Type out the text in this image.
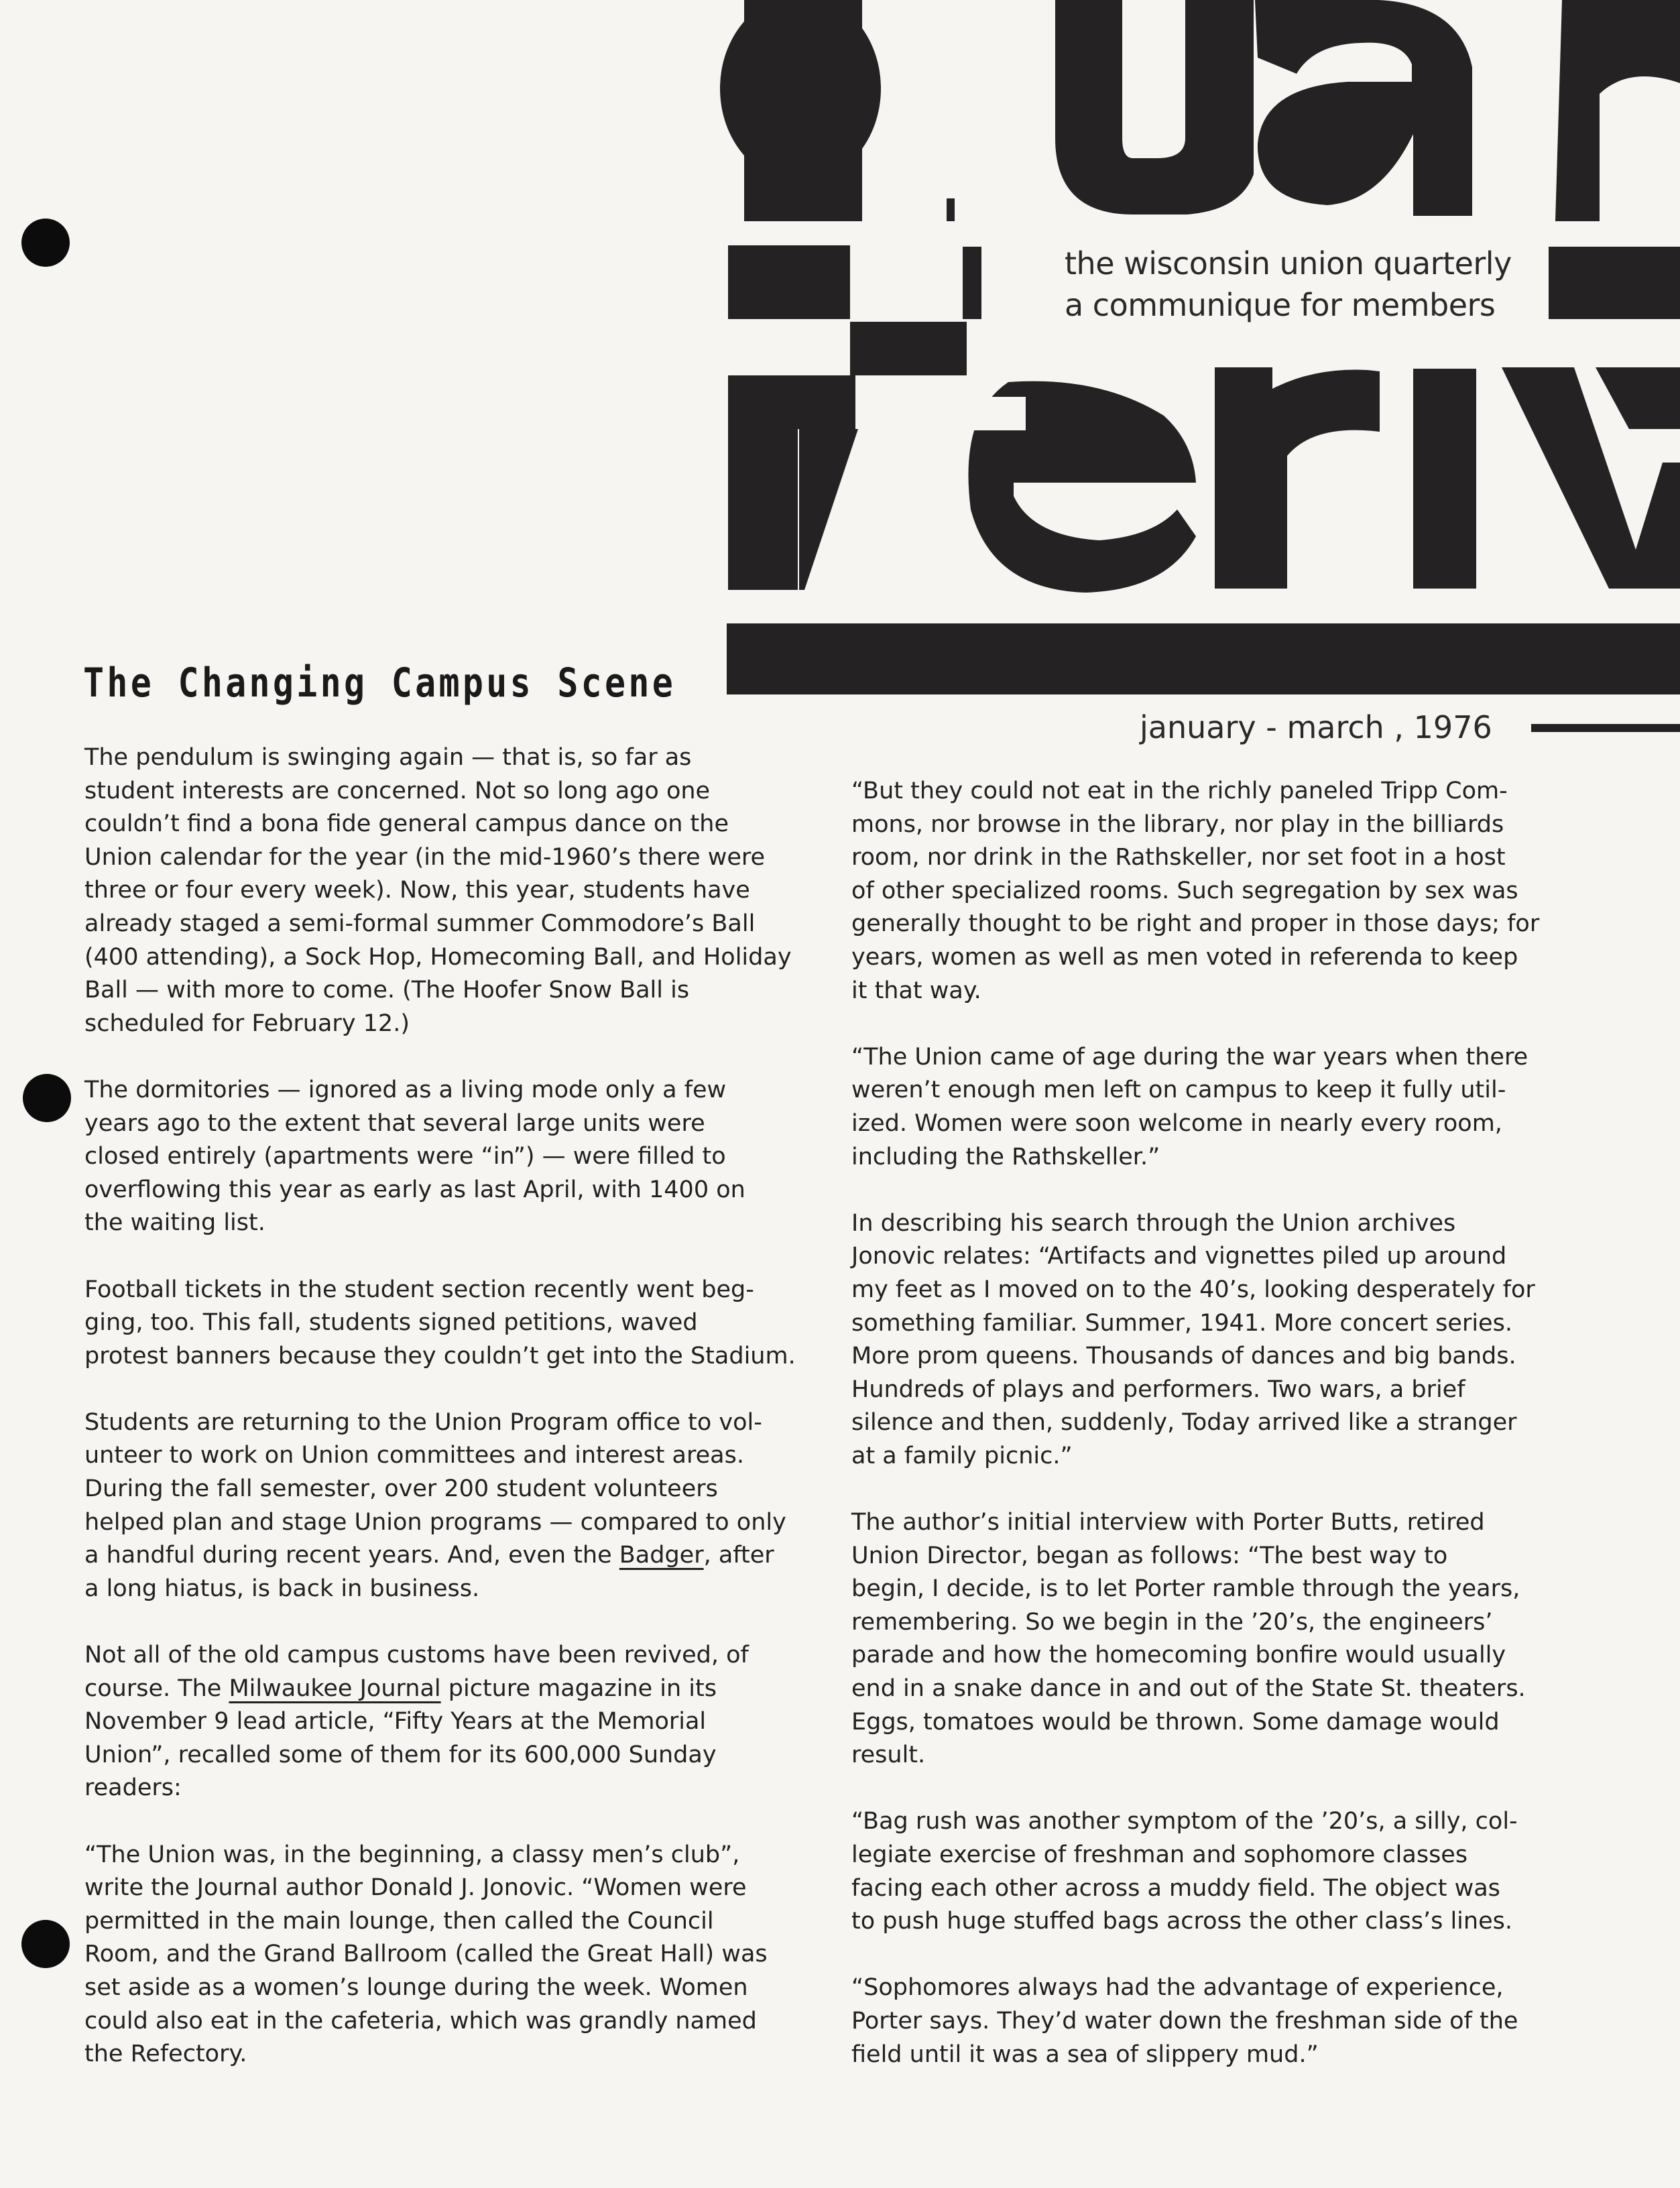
the wisconsin union quarterly
a communique for members
january - march , 1976
The Changing Campus Scene

The pendulum is swinging again — that is, so far as
student interests are concerned. Not so long ago one
couldn’t find a bona fide general campus dance on the
Union calendar for the year (in the mid-1960’s there were
three or four every week). Now, this year, students have
already staged a semi-formal summer Commodore’s Ball
(400 attending), a Sock Hop, Homecoming Ball, and Holiday
Ball — with more to come. (The Hoofer Snow Ball is
scheduled for February 12.)

The dormitories — ignored as a living mode only a few
years ago to the extent that several large units were
closed entirely (apartments were “in”) — were filled to
overflowing this year as early as last April, with 1400 on
the waiting list.

Football tickets in the student section recently went beg-
ging, too. This fall, students signed petitions, waved
protest banners because they couldn’t get into the Stadium.

Students are returning to the Union Program office to vol-
unteer to work on Union committees and interest areas.
During the fall semester, over 200 student volunteers
helped plan and stage Union programs — compared to only
a handful during recent years. And, even the Badger, after
a long hiatus, is back in business.

Not all of the old campus customs have been revived, of
course. The Milwaukee Journal picture magazine in its
November 9 lead article, “Fifty Years at the Memorial
Union”, recalled some of them for its 600,000 Sunday
readers:

“The Union was, in the beginning, a classy men’s club”,
write the Journal author Donald J. Jonovic. “Women were
permitted in the main lounge, then called the Council
Room, and the Grand Ballroom (called the Great Hall) was
set aside as a women’s lounge during the week. Women
could also eat in the cafeteria, which was grandly named
the Refectory.

“But they could not eat in the richly paneled Tripp Com-
mons, nor browse in the library, nor play in the billiards
room, nor drink in the Rathskeller, nor set foot in a host
of other specialized rooms. Such segregation by sex was
generally thought to be right and proper in those days; for
years, women as well as men voted in referenda to keep
it that way.

“The Union came of age during the war years when there
weren’t enough men left on campus to keep it fully util-
ized. Women were soon welcome in nearly every room,
including the Rathskeller.”

In describing his search through the Union archives
Jonovic relates: “Artifacts and vignettes piled up around
my feet as I moved on to the 40’s, looking desperately for
something familiar. Summer, 1941. More concert series.
More prom queens. Thousands of dances and big bands.
Hundreds of plays and performers. Two wars, a brief
silence and then, suddenly, Today arrived like a stranger
at a family picnic.”

The author’s initial interview with Porter Butts, retired
Union Director, began as follows: “The best way to
begin, I decide, is to let Porter ramble through the years,
remembering. So we begin in the ’20’s, the engineers’
parade and how the homecoming bonfire would usually
end in a snake dance in and out of the State St. theaters.
Eggs, tomatoes would be thrown. Some damage would
result.

“Bag rush was another symptom of the ’20’s, a silly, col-
legiate exercise of freshman and sophomore classes
facing each other across a muddy field. The object was
to push huge stuffed bags across the other class’s lines.

“Sophomores always had the advantage of experience,
Porter says. They’d water down the freshman side of the
field until it was a sea of slippery mud.”
